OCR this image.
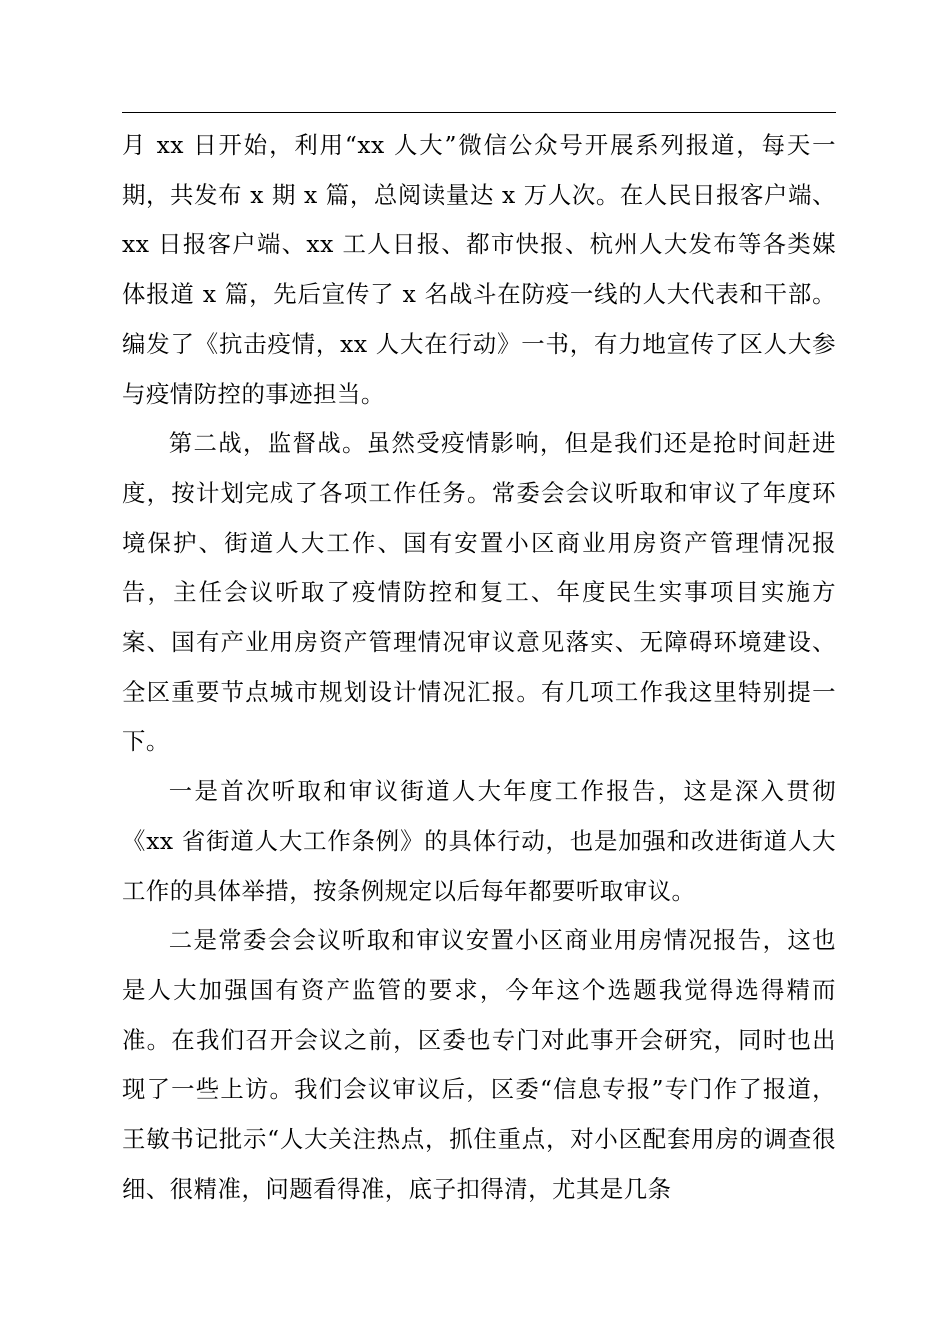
月 xx 日开始，利用“xx 人大”微信公众号开展系列报道，每天一期，共发布 x 期 x 篇，总阅读量达 x 万人次。在人民日报客户端、xx 日报客户端、xx 工人日报、都市快报、杭州人大发布等各类媒体报道 x 篇，先后宣传了 x 名战斗在防疫一线的人大代表和干部。编发了《抗击疫情，xx 人大在行动》一书，有力地宣传了区人大参与疫情防控的事迹担当。

第二战，监督战。虽然受疫情影响，但是我们还是抢时间赶进度，按计划完成了各项工作任务。常委会会议听取和审议了年度环境保护、街道人大工作、国有安置小区商业用房资产管理情况报告，主任会议听取了疫情防控和复工、年度民生实事项目实施方案、国有产业用房资产管理情况审议意见落实、无障碍环境建设、全区重要节点城市规划设计情况汇报。有几项工作我这里特别提一下。

一是首次听取和审议街道人大年度工作报告，这是深入贯彻《xx 省街道人大工作条例》的具体行动，也是加强和改进街道人大工作的具体举措，按条例规定以后每年都要听取审议。

二是常委会会议听取和审议安置小区商业用房情况报告，这也是人大加强国有资产监管的要求，今年这个选题我觉得选得精而准。在我们召开会议之前，区委也专门对此事开会研究，同时也出现了一些上访。我们会议审议后，区委“信息专报”专门作了报道，王敏书记批示“人大关注热点，抓住重点，对小区配套用房的调查很细、很精准，问题看得准，底子扣得清，尤其是几条
